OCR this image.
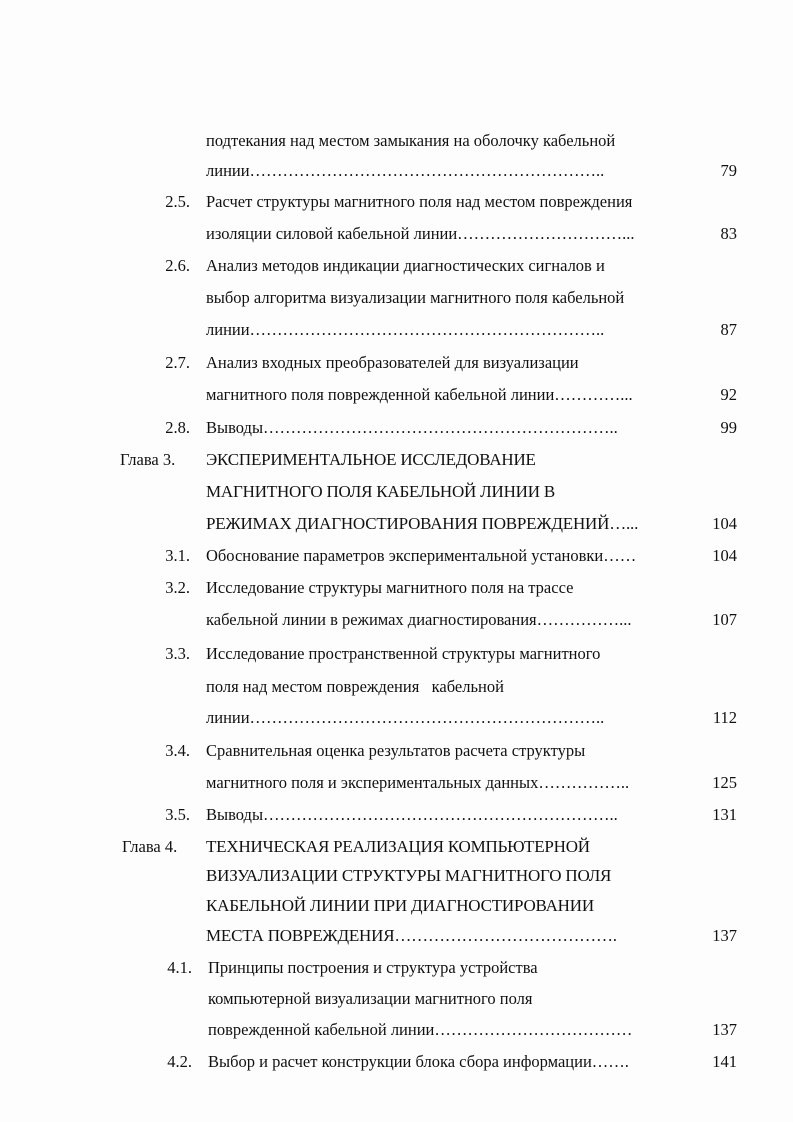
подтекания над местом замыкания на оболочку кабельной
линии………………………………………………………..	79
2.5. Расчет структуры магнитного поля над местом повреждения
изоляции силовой кабельной линии…………………………...	83
2.6. Анализ методов индикации диагностических сигналов и
выбор алгоритма визуализации магнитного поля кабельной
линии………………………………………………………..	87
2.7. Анализ входных преобразователей для визуализации
магнитного поля поврежденной кабельной линии…………...	92
2.8. Выводы………………………………………………………..	99
Глава 3. ЭКСПЕРИМЕНТАЛЬНОЕ ИССЛЕДОВАНИЕ
МАГНИТНОГО ПОЛЯ КАБЕЛЬНОЙ ЛИНИИ В
РЕЖИМАХ ДИАГНОСТИРОВАНИЯ ПОВРЕЖДЕНИЙ…...	104
3.1. Обоснование параметров экспериментальной установки……	104
3.2. Исследование структуры магнитного поля на трассе
кабельной линии в режимах диагностирования……………...	107
3.3. Исследование пространственной структуры магнитного
поля над местом повреждения   кабельной
линии………………………………………………………..	112
3.4. Сравнительная оценка результатов расчета структуры
магнитного поля и экспериментальных данных……………..	125
3.5. Выводы………………………………………………………..	131
Глава 4. ТЕХНИЧЕСКАЯ РЕАЛИЗАЦИЯ КОМПЬЮТЕРНОЙ
ВИЗУАЛИЗАЦИИ СТРУКТУРЫ МАГНИТНОГО ПОЛЯ
КАБЕЛЬНОЙ ЛИНИИ ПРИ ДИАГНОСТИРОВАНИИ
МЕСТА ПОВРЕЖДЕНИЯ………………………………….	137
4.1. Принципы построения и структура устройства
компьютерной визуализации магнитного поля
поврежденной кабельной линии………………………………	137
4.2. Выбор и расчет конструкции блока сбора информации…….	141
